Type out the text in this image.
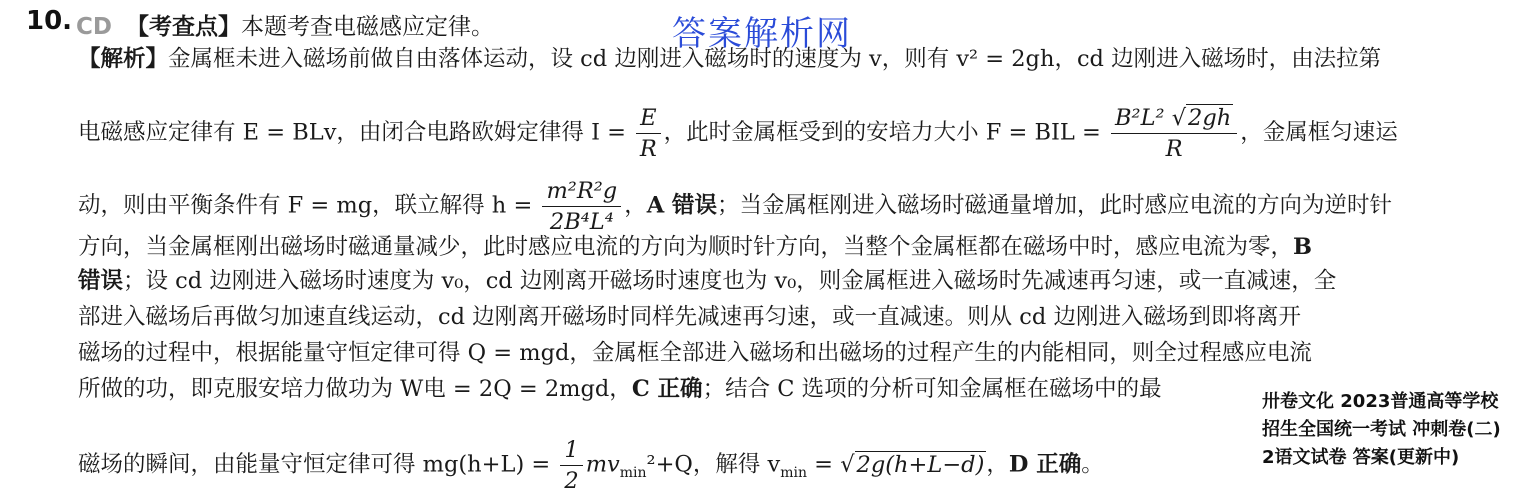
10. CD 【考查点】本题考查电磁感应定律。	答案解析网
【解析】金属框未进入磁场前做自由落体运动，设 cd 边刚进入磁场时的速度为 v，则有 v² = 2gh，cd 边刚进入磁场时，由法拉第
电磁感应定律有 E = BLv，由闭合电路欧姆定律得 $I = \frac{E}{R}$ ，此时金属框受到的安培力大小 F = BIL = $\frac{\text{B²L² √2gh}}{R}$ ，金属框匀速运
动，则由平衡条件有 F = mg，联立解得 $h = \frac{\text{m²R²g}}{\text{2B⁴L⁴}}$ ，A 错误；当金属框刚进入磁场时磁通量增加，此时感应电流的方向为逆时针
方向，当金属框刚出磁场时磁通量减少，此时感应电流的方向为顺时针方向，当整个金属框都在磁场中时，感应电流为零，B
错误；设 cd 边刚进入磁场时速度为 v₀，cd 边刚离开磁场时速度也为 v₀，则金属框进入磁场时先减速再匀速，或一直减速，全
部进入磁场后再做匀加速直线运动，cd 边刚离开磁场时同样先减速再匀速，或一直减速。则从 cd 边刚进入磁场到即将离开
磁场的过程中，根据能量守恒定律可得 Q = mgd，金属框全部进入磁场和出磁场的过程产生的内能相同，则全过程感应电流
所做的功，即克服安培力做功为 W电 = 2Q = 2mgd，C 正确；结合 C 选项的分析可知金属框在磁场中的最
磁场的瞬间，由能量守恒定律可得 $mg(h+L) = \frac{1}{2} mv_{min}^2+Q$，解得 $v_{min} = √2g(h+L-d)$，D 正确。
卅卷文化 2023普通高等学校
招生全国统一考试 冲刺卷(二)
2语文试卷 答案(更新中)
